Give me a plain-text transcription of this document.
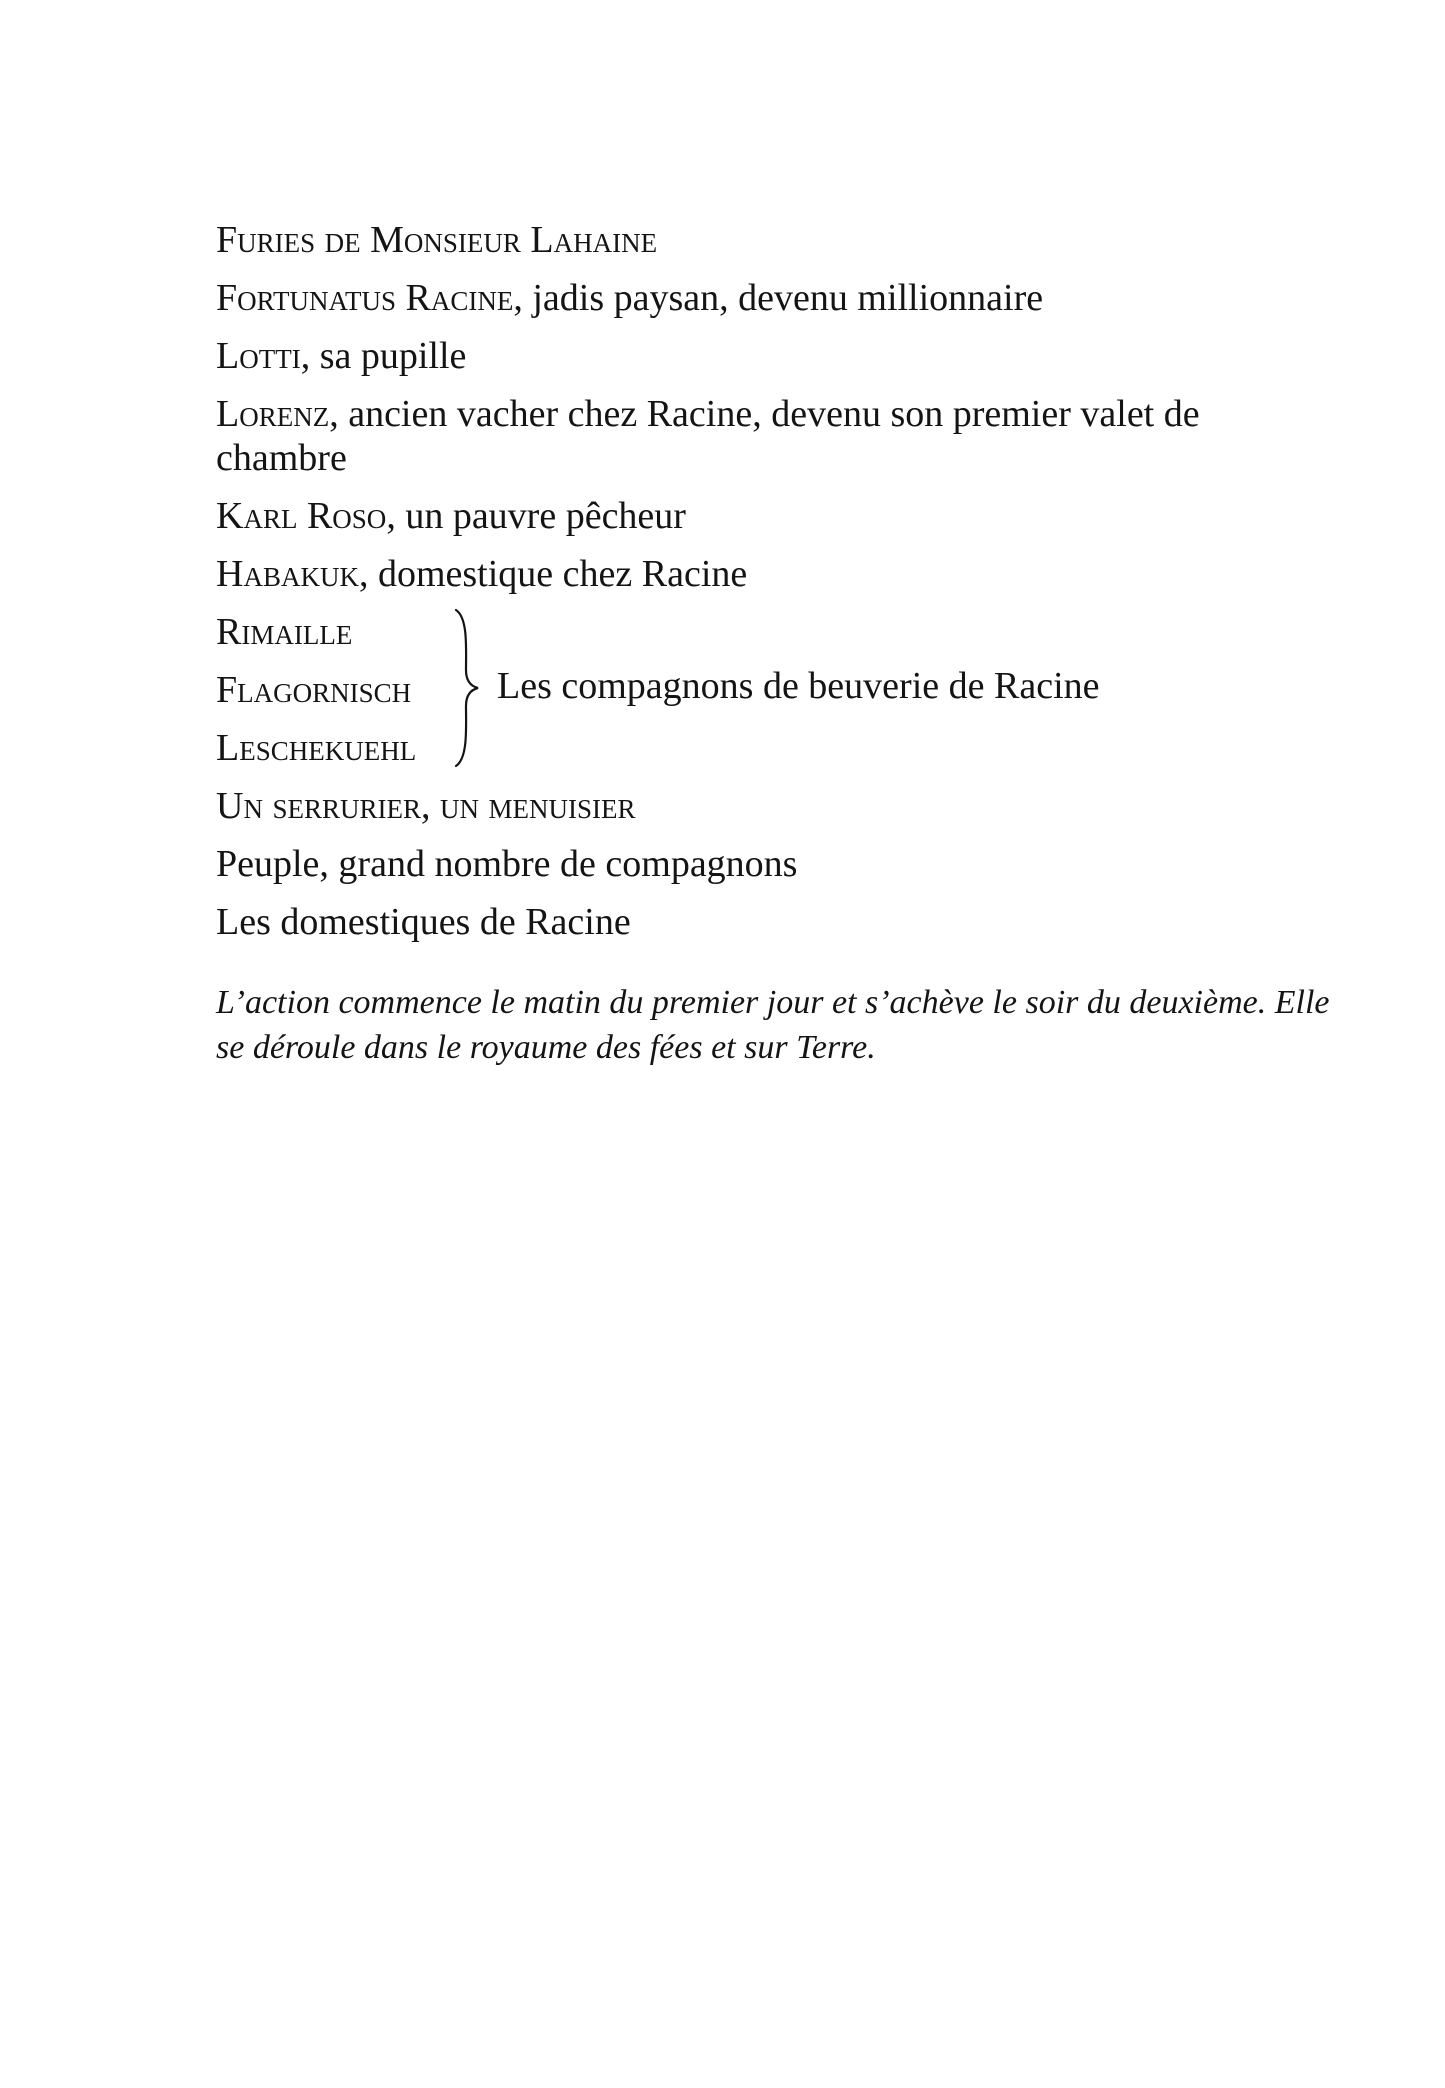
Furies de Monsieur Lahaine
Fortunatus Racine, jadis paysan, devenu millionnaire
Lotti, sa pupille
Lorenz, ancien vacher chez Racine, devenu son premier valet de chambre
Karl Roso, un pauvre pêcheur
Habakuk, domestique chez Racine
Rimaille
Flagornisch
Leschekuehl
Les compagnons de beuverie de Racine
Un serrurier, un menuisier
Peuple, grand nombre de compagnons
Les domestiques de Racine
L’action commence le matin du premier jour et s’achève le soir du deuxième. Elle se déroule dans le royaume des fées et sur Terre.
